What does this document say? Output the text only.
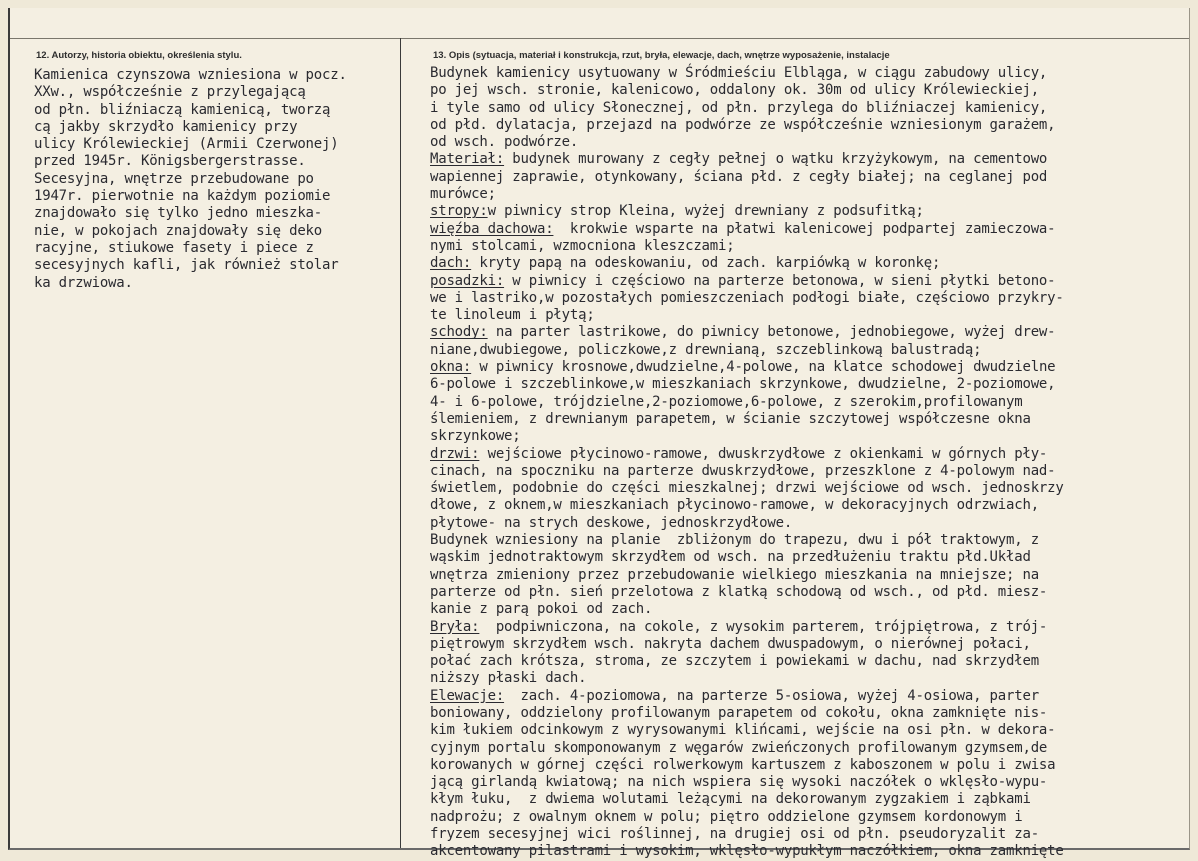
12. Autorzy, historia obiektu, określenia stylu.	13. Opis (sytuacja, materiał i konstrukcja, rzut, bryła, elewacje, dach, wnętrze wyposażenie, instalacje
Kamienica czynszowa wzniesiona w pocz.
XXw., współcześnie z przylegającą
od płn. bliźniaczą kamienicą, tworzą
cą jakby skrzydło kamienicy przy
ulicy Królewieckiej (Armii Czerwonej)
przed 1945r. Königsbergerstrasse.
Secesyjna, wnętrze przebudowane po
1947r. pierwotnie na każdym poziomie
znajdowało się tylko jedno mieszka-
nie, w pokojach znajdowały się deko
racyjne, stiukowe fasety i piece z
secesyjnych kafli, jak również stolar
ka drzwiowa.
Budynek kamienicy usytuowany w Śródmieściu Elbląga, w ciągu zabudowy ulicy,
po jej wsch. stronie, kalenicowo, oddalony ok. 30m od ulicy Królewieckiej,
i tyle samo od ulicy Słonecznej, od płn. przylega do bliźniaczej kamienicy,
od płd. dylatacja, przejazd na podwórze ze współcześnie wzniesionym garażem,
od wsch. podwórze.
Materiał: budynek murowany z cegły pełnej o wątku krzyżykowym, na cementowo
wapiennej zaprawie, otynkowany, ściana płd. z cegły białej; na ceglanej pod
murówce;
stropy:w piwnicy strop Kleina, wyżej drewniany z podsufitką;
więźba dachowa:  krokwie wsparte na płatwi kalenicowej podpartej zamieczowa-
nymi stolcami, wzmocniona kleszczami;
dach: kryty papą na odeskowaniu, od zach. karpiówką w koronkę;
posadzki: w piwnicy i częściowo na parterze betonowa, w sieni płytki betono-
we i lastriko,w pozostałych pomieszczeniach podłogi białe, częściowo przykry-
te linoleum i płytą;
schody: na parter lastrikowe, do piwnicy betonowe, jednobiegowe, wyżej drew-
niane,dwubiegowe, policzkowe,z drewnianą, szczeblinkową balustradą;
okna: w piwnicy krosnowe,dwudzielne,4-polowe, na klatce schodowej dwudzielne
6-polowe i szczeblinkowe,w mieszkaniach skrzynkowe, dwudzielne, 2-poziomowe,
4- i 6-polowe, trójdzielne,2-poziomowe,6-polowe, z szerokim,profilowanym
ślemieniem, z drewnianym parapetem, w ścianie szczytowej współczesne okna
skrzynkowe;
drzwi: wejściowe płycinowo-ramowe, dwuskrzydłowe z okienkami w górnych pły-
cinach, na spoczniku na parterze dwuskrzydłowe, przeszklone z 4-polowym nad-
świetlem, podobnie do części mieszkalnej; drzwi wejściowe od wsch. jednoskrzy
dłowe, z oknem,w mieszkaniach płycinowo-ramowe, w dekoracyjnych odrzwiach,
płytowe- na strych deskowe, jednoskrzydłowe.
Budynek wzniesiony na planie  zbliżonym do trapezu, dwu i pół traktowym, z
wąskim jednotraktowym skrzydłem od wsch. na przedłużeniu traktu płd.Układ
wnętrza zmieniony przez przebudowanie wielkiego mieszkania na mniejsze; na
parterze od płn. sień przelotowa z klatką schodową od wsch., od płd. miesz-
kanie z parą pokoi od zach.
Bryła:  podpiwniczona, na cokole, z wysokim parterem, trójpiętrowa, z trój-
piętrowym skrzydłem wsch. nakryta dachem dwuspadowym, o nierównej połaci,
połać zach krótsza, stroma, ze szczytem i powiekami w dachu, nad skrzydłem
niższy płaski dach.
Elewacje:  zach. 4-poziomowa, na parterze 5-osiowa, wyżej 4-osiowa, parter
boniowany, oddzielony profilowanym parapetem od cokołu, okna zamknięte nis-
kim łukiem odcinkowym z wyrysowanymi klińcami, wejście na osi płn. w dekora-
cyjnym portalu skomponowanym z węgarów zwieńczonych profilowanym gzymsem,de
korowanych w górnej części rolwerkowym kartuszem z kaboszonem w polu i zwisa
jącą girlandą kwiatową; na nich wspiera się wysoki naczółek o wklęsło-wypu-
kłym łuku,  z dwiema wolutami leżącymi na dekorowanym zygzakiem i ząbkami
nadprożu; z owalnym oknem w polu; piętro oddzielone gzymsem kordonowym i
fryzem secesyjnej wici roślinnej, na drugiej osi od płn. pseudoryzalit za-
akcentowany pilastrami i wysokim, wklęsło-wypukłym naczółkiem, okna zamknięte
